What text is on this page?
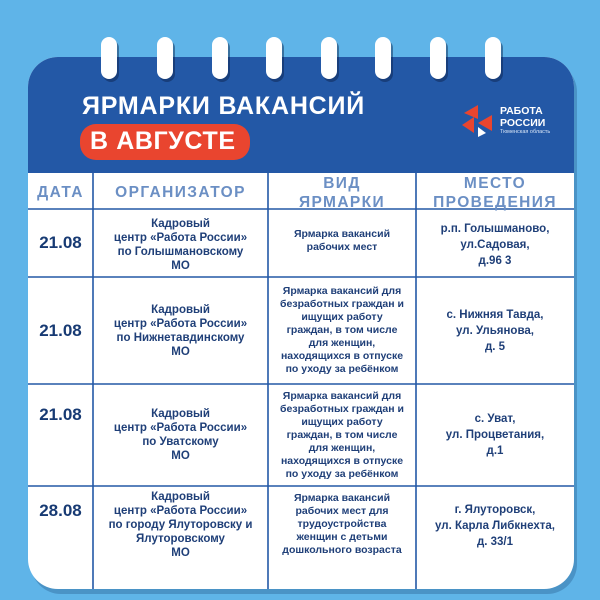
ЯРМАРКИ ВАКАНСИЙ
В АВГУСТЕ
РАБОТА
РОССИИ
Тюменская область
ДАТА	ОРГАНИЗАТОР
ВИД
ЯРМАРКИ
МЕСТО
ПРОВЕДЕНИЯ
21.08
Кадровый
центр «Работа России»
по Голышмановскому
МО
Ярмарка вакансий
рабочих мест
р.п. Голышманово,
ул.Садовая,
д.96 3
21.08
Кадровый
центр «Работа России»
по Нижнетавдинскому
МО
Ярмарка вакансий для
безработных граждан и
ищущих работу
граждан, в том числе
для женщин,
находящихся в отпуске
по уходу за ребёнком
с. Нижняя Тавда,
ул. Ульянова,
д. 5
21.08	Кадровый
центр «Работа России»
по Уватскому
МО
Ярмарка вакансий для
безработных граждан и
ищущих работу
граждан, в том числе
для женщин,
находящихся в отпуске
по уходу за ребёнком
с. Уват,
ул. Процветания,
д.1
28.08
Кадровый
центр «Работа России»
по городу Ялуторовску и
Ялуторовскому
МО
Ярмарка вакансий
рабочих мест для
трудоустройства
женщин с детьми
дошкольного возраста
г. Ялуторовск,
ул. Карла Либкнехта,
д. 33/1
